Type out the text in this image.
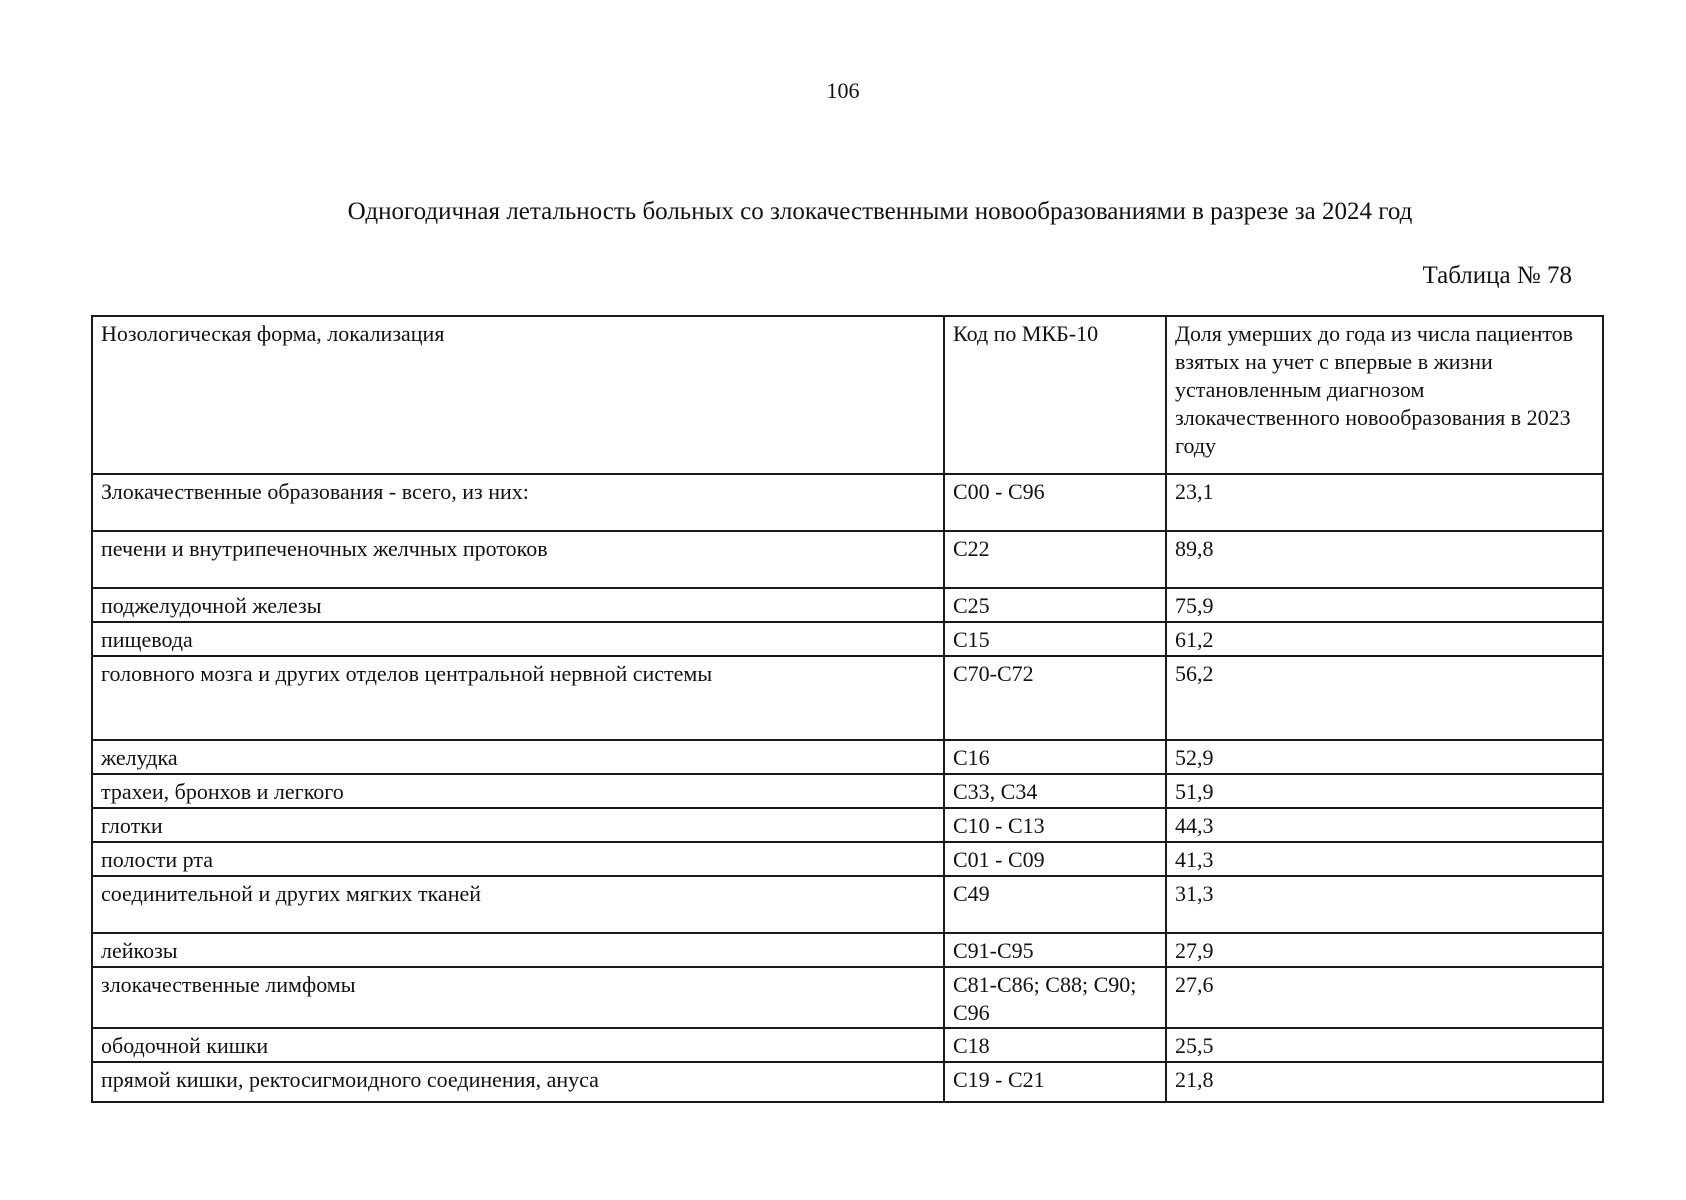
106
Одногодичная летальность больных со злокачественными новообразованиями в разрезе за 2024 год
Таблица № 78
Нозологическая форма, локализация	Код по МКБ-10	Доля умерших до года из числа пациентов взятых на учет с впервые в жизни установленным диагнозом злокачественного новообразования в 2023 году
Злокачественные образования - всего, из них:	С00 - С96	23,1
печени и внутрипеченочных желчных протоков	С22	89,8
поджелудочной железы	С25	75,9
пищевода	С15	61,2
головного мозга и других отделов центральной нервной системы	С70-С72	56,2
желудка	С16	52,9
трахеи, бронхов и легкого	С33, С34	51,9
глотки	С10 - С13	44,3
полости рта	С01 - С09	41,3
соединительной и других мягких тканей	С49	31,3
лейкозы	С91-С95	27,9
злокачественные лимфомы	С81-С86; С88; С90; С96	27,6
ободочной кишки	С18	25,5
прямой кишки, ректосигмоидного соединения, ануса	С19 - С21	21,8
